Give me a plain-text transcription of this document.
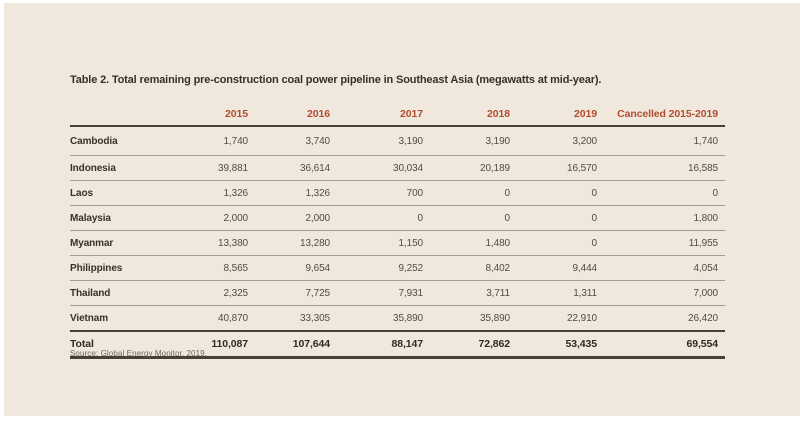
Table 2. Total remaining pre-construction coal power pipeline in Southeast Asia (megawatts at mid-year).
	2015	2016	2017	2018	2019	Cancelled 2015-2019
Cambodia	1,740	3,740	3,190	3,190	3,200	1,740
Indonesia	39,881	36,614	30,034	20,189	16,570	16,585
Laos	1,326	1,326	700	0	0	0
Malaysia	2,000	2,000	0	0	0	1,800
Myanmar	13,380	13,280	1,150	1,480	0	11,955
Philippines	8,565	9,654	9,252	8,402	9,444	4,054
Thailand	2,325	7,725	7,931	3,711	1,311	7,000
Vietnam	40,870	33,305	35,890	35,890	22,910	26,420
Total	110,087	107,644	88,147	72,862	53,435	69,554
Source: Global Energy Monitor, 2019.
